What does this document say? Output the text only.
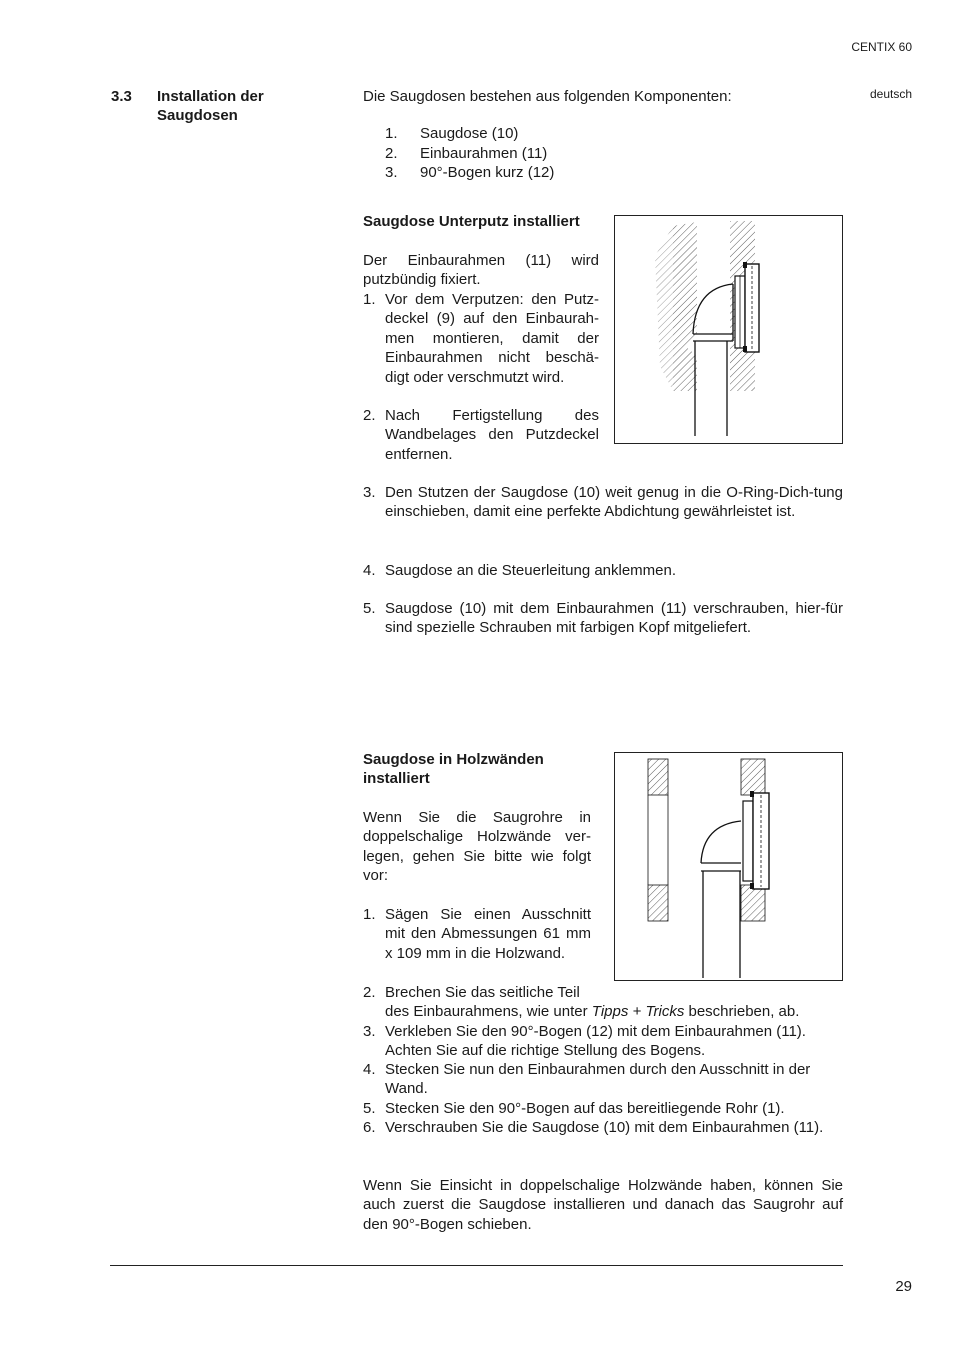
CENTIX 60
deutsch
3.3 Installation der
Saugdosen
Die Saugdosen bestehen aus folgenden Komponenten:
1. Saugdose (10)
2. Einbaurahmen (11)
3. 90°-Bogen kurz (12)
Saugdose Unterputz installiert
Der Einbaurahmen (11) wird putzbündig fixiert.
1. Vor dem Verputzen: den Putz-deckel (9) auf den Einbaurah-men montieren, damit der Einbaurahmen nicht beschä-digt oder verschmutzt wird.
2. Nach Fertigstellung des Wandbelages den Putzdeckel entfernen.
3. Den Stutzen der Saugdose (10) weit genug in die O-Ring-Dich-tung einschieben, damit eine perfekte Abdichtung gewährleistet ist.
4. Saugdose an die Steuerleitung anklemmen.
5. Saugdose (10) mit dem Einbaurahmen (11) verschrauben, hier-für sind spezielle Schrauben mit farbigen Kopf mitgeliefert.
Saugdose in Holzwänden
installiert
Wenn Sie die Saugrohre in doppelschalige Holzwände ver-legen, gehen Sie bitte wie folgt vor:
1. Sägen Sie einen Ausschnitt mit den Abmessungen 61 mm x 109 mm in die Holzwand.
2. Brechen Sie das seitliche Teil
des Einbaurahmens, wie unter Tipps + Tricks beschrieben, ab.
3. Verkleben Sie den 90°-Bogen (12) mit dem Einbaurahmen (11). Achten Sie auf die richtige Stellung des Bogens.
4. Stecken Sie nun den Einbaurahmen durch den Ausschnitt in der Wand.
5. Stecken Sie den 90°-Bogen auf das bereitliegende Rohr (1).
6. Verschrauben Sie die Saugdose (10) mit dem Einbaurahmen (11).
Wenn Sie Einsicht in doppelschalige Holzwände haben, können Sie auch zuerst die Saugdose installieren und danach das Saugrohr auf den 90°-Bogen schieben.
29
